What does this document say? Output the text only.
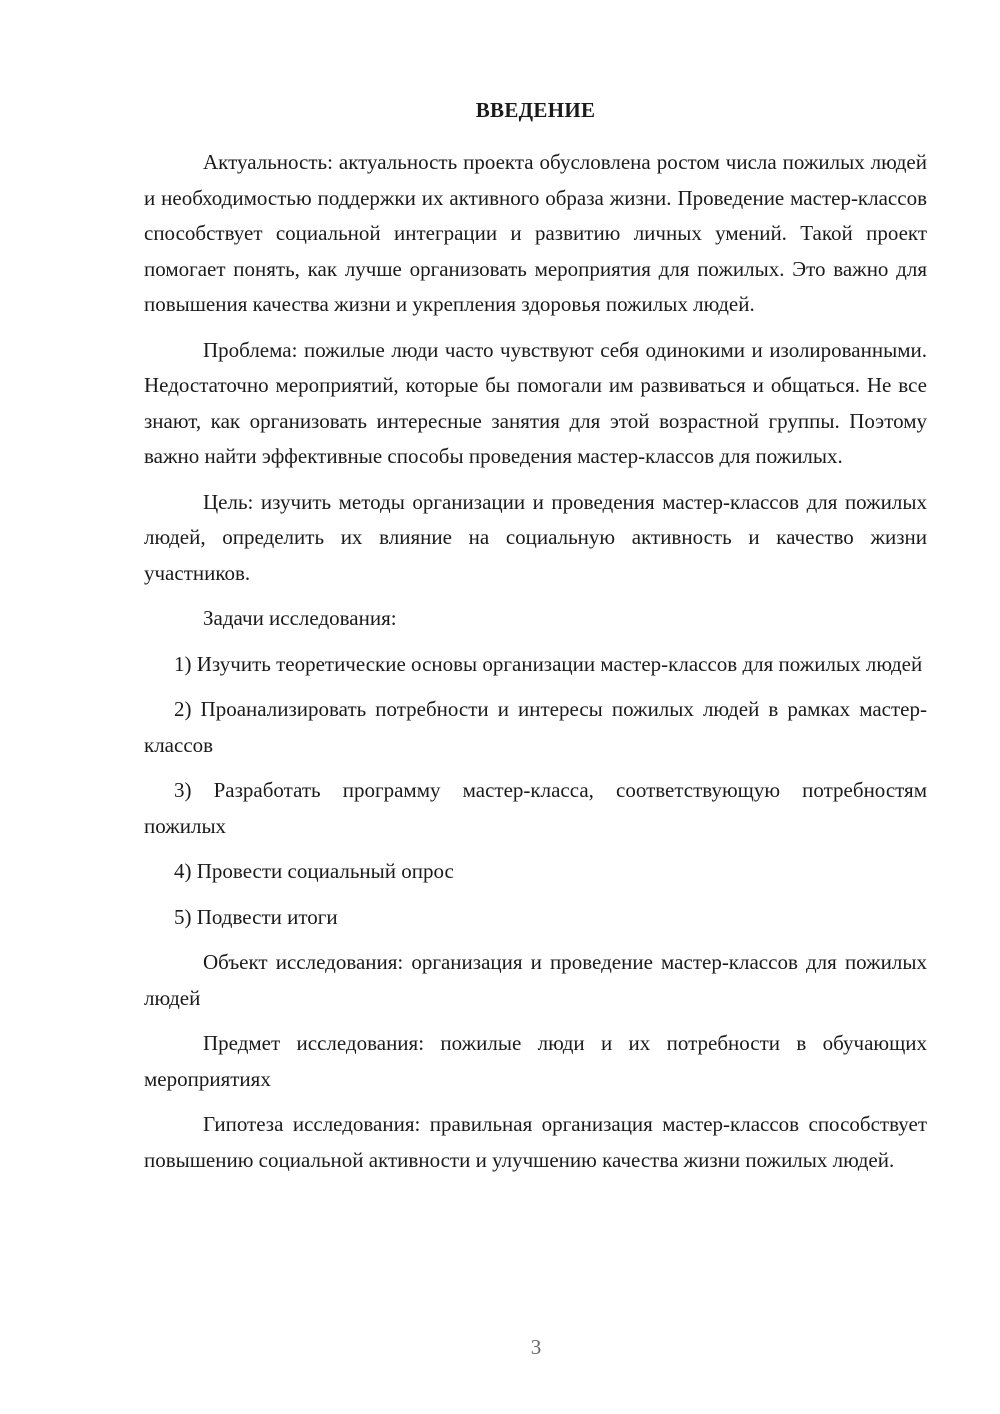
ВВЕДЕНИЕ

Актуальность: актуальность проекта обусловлена ростом числа пожилых людей и необходимостью поддержки их активного образа жизни. Проведение мастер-классов способствует социальной интеграции и развитию личных умений. Такой проект помогает понять, как лучше организовать мероприятия для пожилых. Это важно для повышения качества жизни и укрепления здоровья пожилых людей.

Проблема: пожилые люди часто чувствуют себя одинокими и изолированными. Недостаточно мероприятий, которые бы помогали им развиваться и общаться. Не все знают, как организовать интересные занятия для этой возрастной группы. Поэтому важно найти эффективные способы проведения мастер-классов для пожилых.

Цель: изучить методы организации и проведения мастер-классов для пожилых людей, определить их влияние на социальную активность и качество жизни участников.

Задачи исследования:

1) Изучить теоретические основы организации мастер-классов для пожилых людей

2) Проанализировать потребности и интересы пожилых людей в рамках мастер-классов

3) Разработать программу мастер-класса, соответствующую потребностям пожилых

4) Провести социальный опрос

5) Подвести итоги

Объект исследования: организация и проведение мастер-классов для пожилых людей

Предмет исследования: пожилые люди и их потребности в обучающих мероприятиях

Гипотеза исследования: правильная организация мастер-классов способствует повышению социальной активности и улучшению качества жизни пожилых людей.

3
